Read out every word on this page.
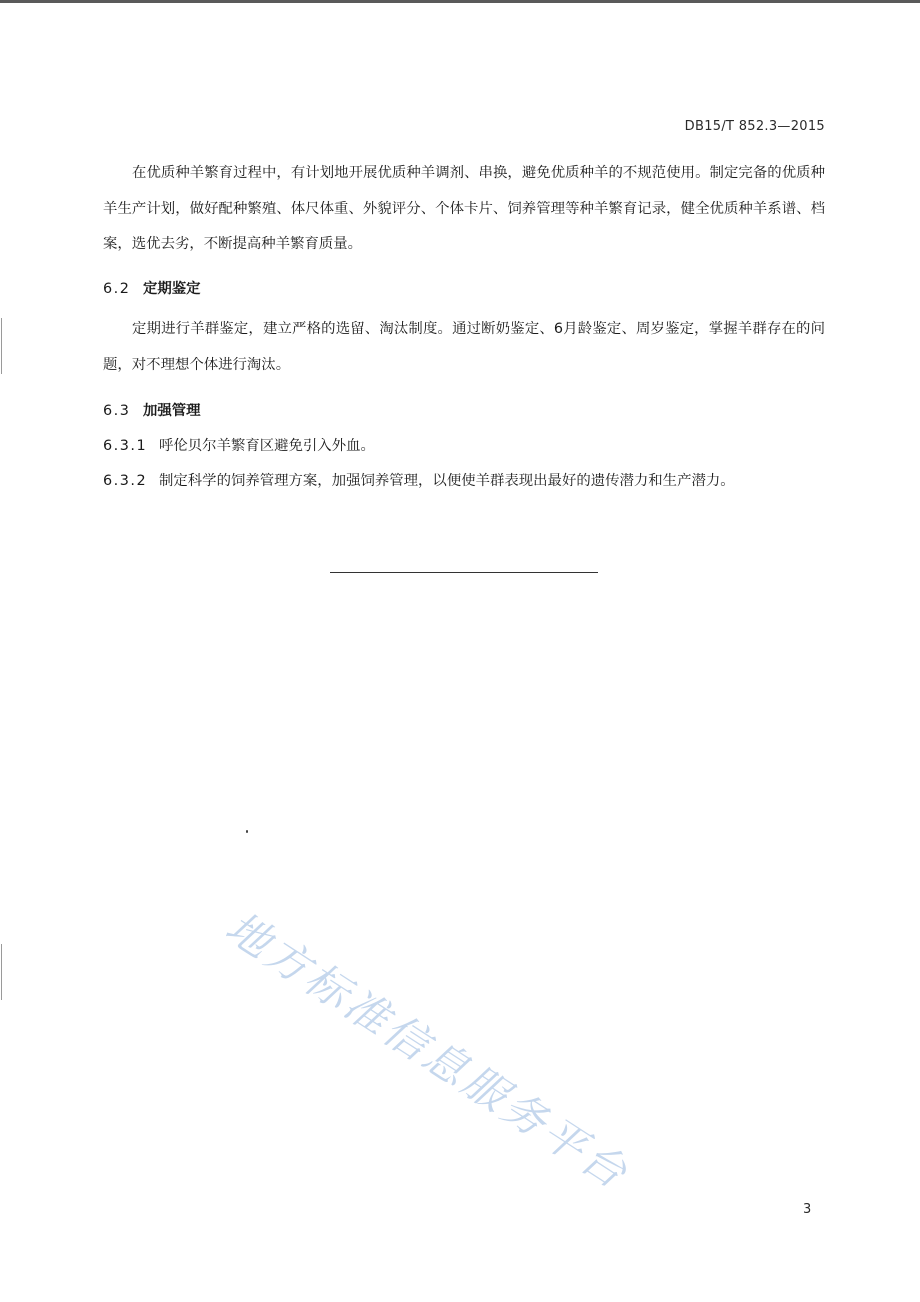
DB15/T 852.3—2015
在优质种羊繁育过程中，有计划地开展优质种羊调剂、串换，避免优质种羊的不规范使用。制定完备的优质种羊生产计划，做好配种繁殖、体尺体重、外貌评分、个体卡片、饲养管理等种羊繁育记录，健全优质种羊系谱、档案，选优去劣，不断提高种羊繁育质量。
6.2 定期鉴定
定期进行羊群鉴定，建立严格的选留、淘汰制度。通过断奶鉴定、6月龄鉴定、周岁鉴定，掌握羊群存在的问题，对不理想个体进行淘汰。
6.3 加强管理
6.3.1 呼伦贝尔羊繁育区避免引入外血。
6.3.2 制定科学的饲养管理方案，加强饲养管理，以便使羊群表现出最好的遗传潜力和生产潜力。
地方标准信息服务平台
3
